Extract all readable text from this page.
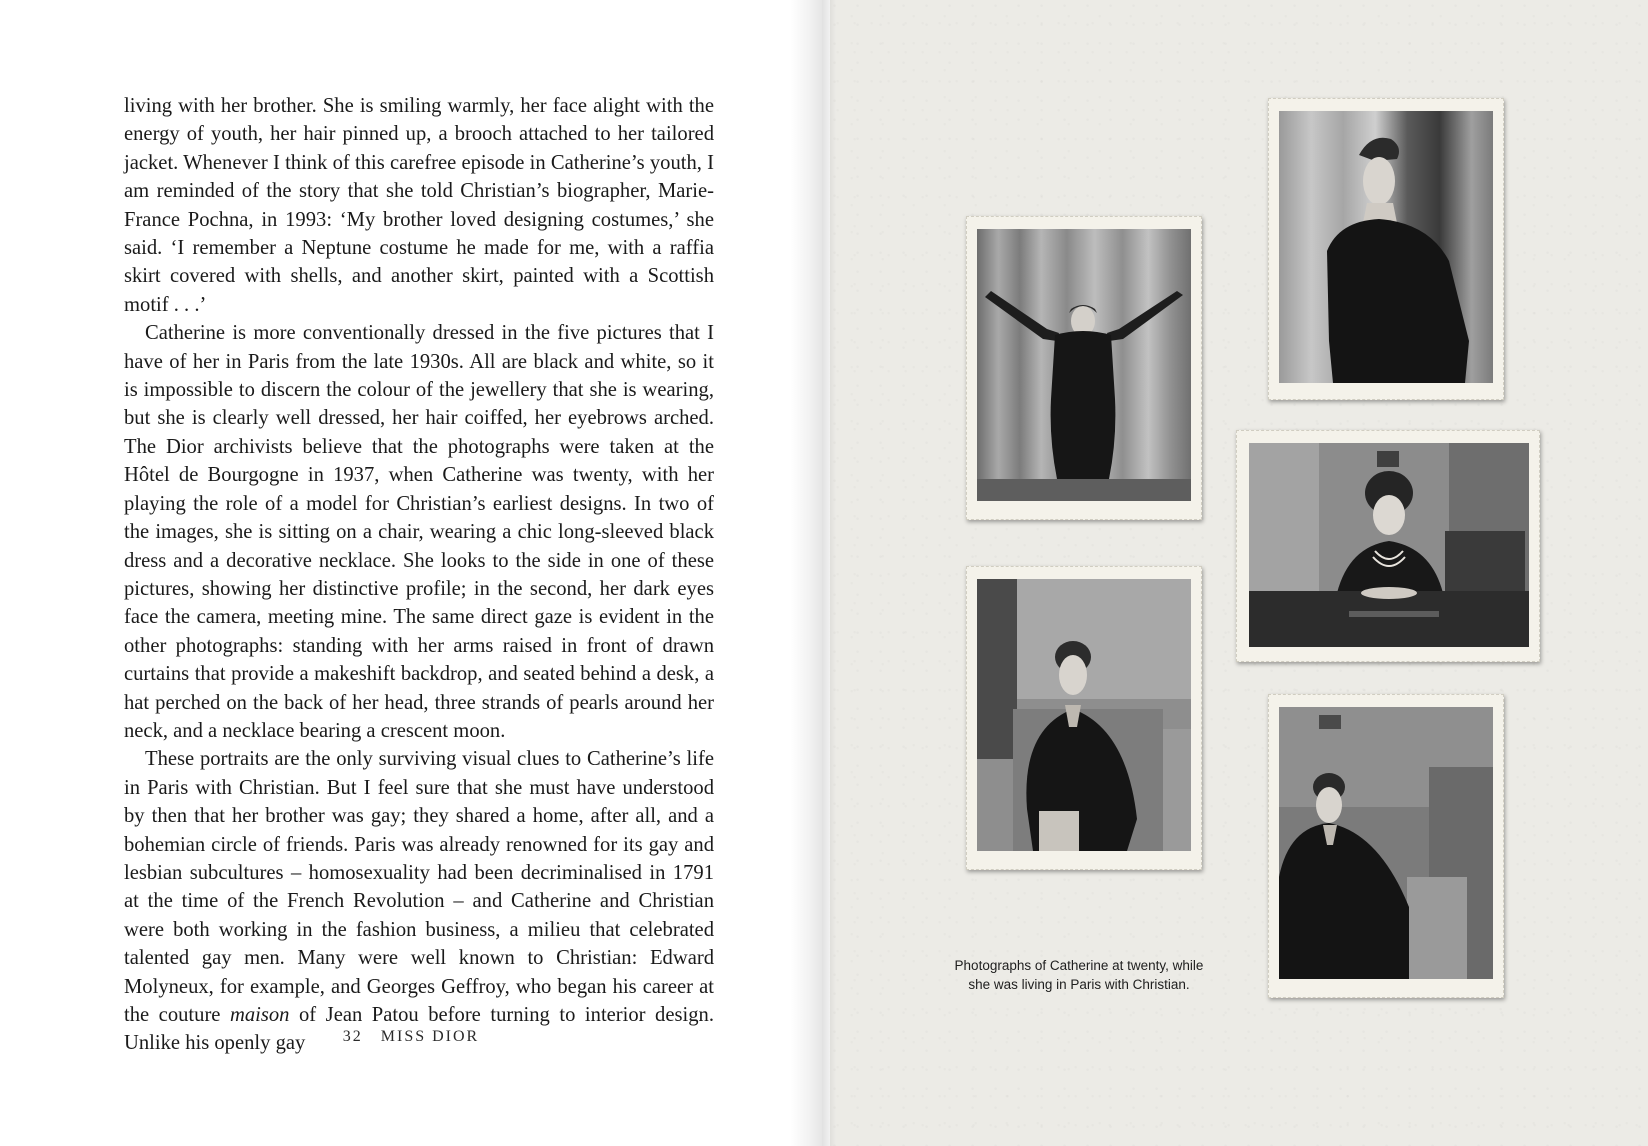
living with her brother. She is smiling warmly, her face alight with the energy of youth, her hair pinned up, a brooch attached to her tailored jacket. Whenever I think of this carefree episode in Catherine’s youth, I am reminded of the story that she told Christian’s biographer, Marie-France Pochna, in 1993: ‘My brother loved designing costumes,’ she said. ‘I remember a Neptune costume he made for me, with a raffia skirt covered with shells, and another skirt, painted with a Scottish motif . . .’

Catherine is more conventionally dressed in the five pictures that I have of her in Paris from the late 1930s. All are black and white, so it is impossible to discern the colour of the jewellery that she is wearing, but she is clearly well dressed, her hair coiffed, her eyebrows arched. The Dior archivists believe that the photographs were taken at the Hôtel de Bourgogne in 1937, when Catherine was twenty, with her playing the role of a model for Christian’s earliest designs. In two of the images, she is sitting on a chair, wearing a chic long-sleeved black dress and a decorative necklace. She looks to the side in one of these pictures, showing her distinctive profile; in the second, her dark eyes face the camera, meeting mine. The same direct gaze is evident in the other photographs: standing with her arms raised in front of drawn curtains that provide a makeshift backdrop, and seated behind a desk, a hat perched on the back of her head, three strands of pearls around her neck, and a necklace bearing a crescent moon.

These portraits are the only surviving visual clues to Catherine’s life in Paris with Christian. But I feel sure that she must have understood by then that her brother was gay; they shared a home, after all, and a bohemian circle of friends. Paris was already renowned for its gay and lesbian subcultures – homosexuality had been decriminalised in 1791 at the time of the French Revolution – and Catherine and Christian were both working in the fashion business, a milieu that celebrated talented gay men. Many were well known to Christian: Edward Molyneux, for example, and Georges Geffroy, who began his career at the couture maison of Jean Patou before turning to interior design. Unlike his openly gay	32 MISS DIOR
Photographs of Catherine at twenty, while she was living in Paris with Christian.
